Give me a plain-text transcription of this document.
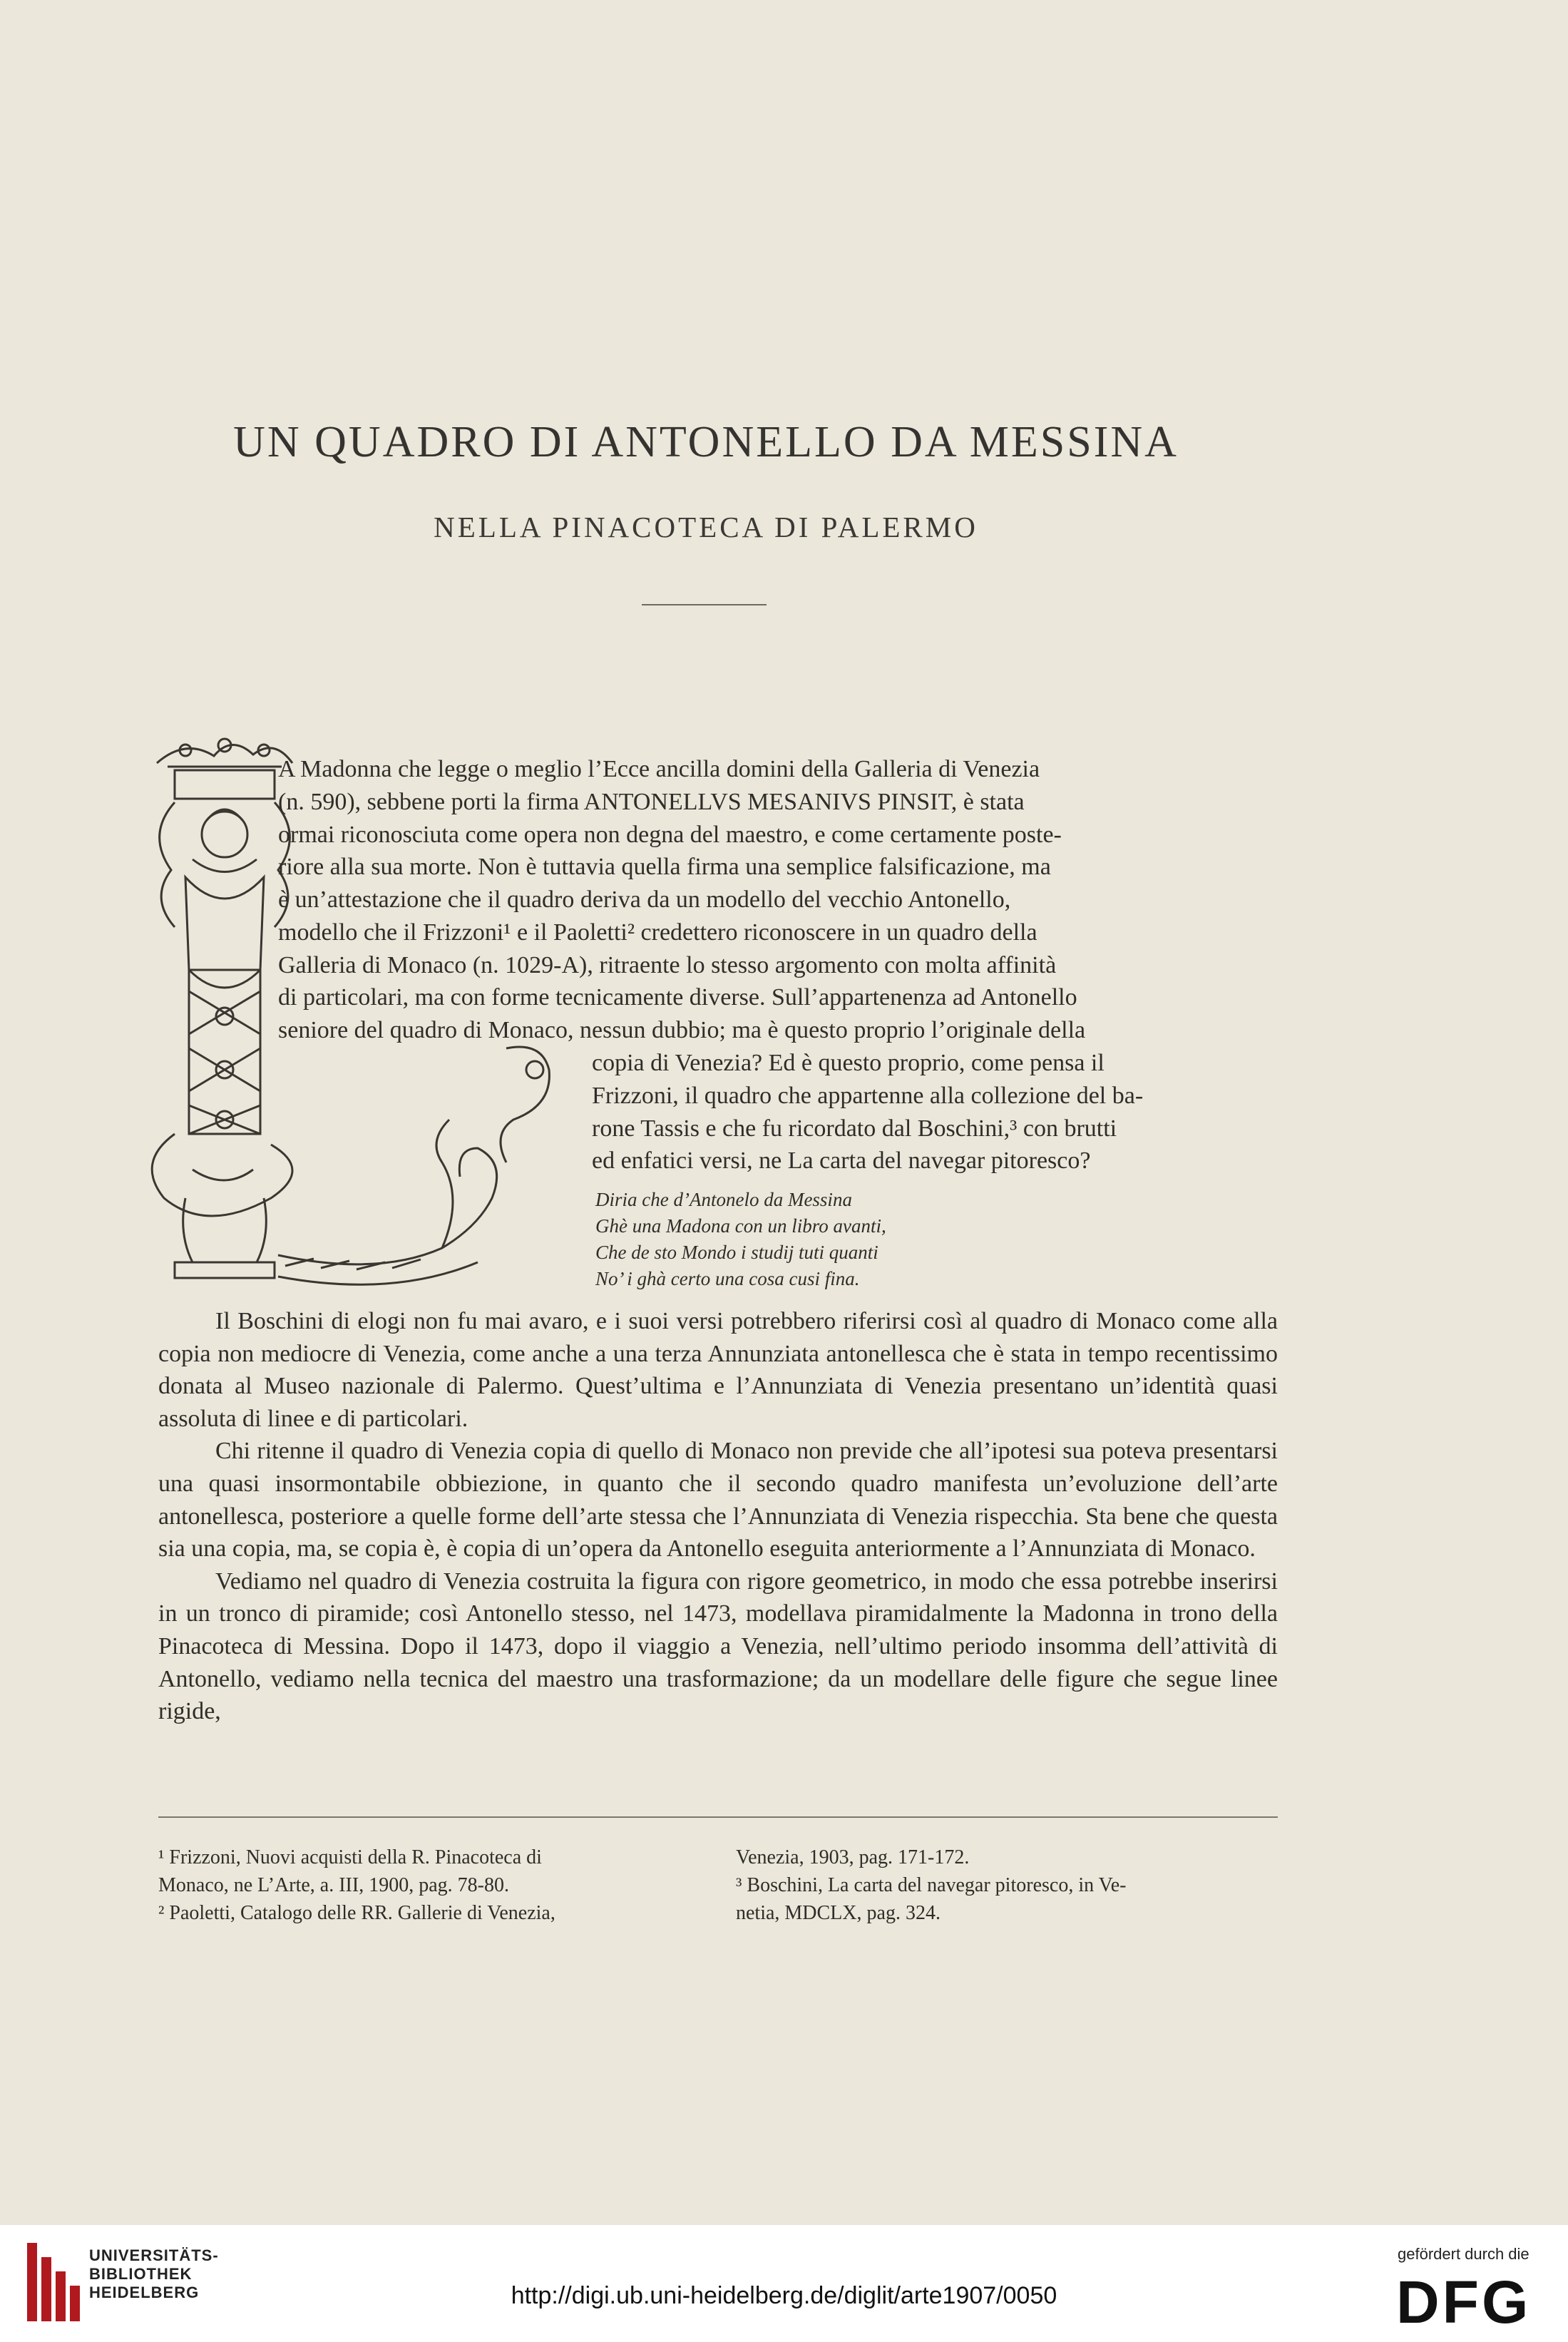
UN QUADRO DI ANTONELLO DA MESSINA
NELLA PINACOTECA DI PALERMO

A Madonna che legge o meglio l’Ecce ancilla domini della Galleria di Venezia

(n. 590), sebbene porti la firma ANTONELLVS MESANIVS PINSIT, è stata

ormai riconosciuta come opera non degna del maestro, e come certamente poste-

riore alla sua morte. Non è tuttavia quella firma una semplice falsificazione, ma

è un’attestazione che il quadro deriva da un modello del vecchio Antonello,

modello che il Frizzoni¹ e il Paoletti² credettero riconoscere in un quadro della

Galleria di Monaco (n. 1029-A), ritraente lo stesso argomento con molta affinità

di particolari, ma con forme tecnicamente diverse. Sull’appartenenza ad Antonello

seniore del quadro di Monaco, nessun dubbio; ma è questo proprio l’originale della

copia di Venezia? Ed è questo proprio, come pensa il

Frizzoni, il quadro che appartenne alla collezione del ba-

rone Tassis e che fu ricordato dal Boschini,³ con brutti

ed enfatici versi, ne La carta del navegar pitoresco?

Diria che d’Antonelo da Messina
Ghè una Madona con un libro avanti,
Che de sto Mondo i studij tuti quanti
No’ i ghà certo una cosa cusi fina.

Il Boschini di elogi non fu mai avaro, e i suoi versi potrebbero riferirsi così al quadro di Monaco come alla copia non mediocre di Venezia, come anche a una terza Annunziata antonellesca che è stata in tempo recentissimo donata al Museo nazionale di Palermo. Quest’ultima e l’Annunziata di Venezia presentano un’identità quasi assoluta di linee e di particolari.

Chi ritenne il quadro di Venezia copia di quello di Monaco non previde che all’ipotesi sua poteva presentarsi una quasi insormontabile obbiezione, in quanto che il secondo quadro manifesta un’evoluzione dell’arte antonellesca, posteriore a quelle forme dell’arte stessa che l’Annunziata di Venezia rispecchia. Sta bene che questa sia una copia, ma, se copia è, è copia di un’opera da Antonello eseguita anteriormente a l’Annunziata di Monaco.

Vediamo nel quadro di Venezia costruita la figura con rigore geometrico, in modo che essa potrebbe inserirsi in un tronco di piramide; così Antonello stesso, nel 1473, modellava piramidalmente la Madonna in trono della Pinacoteca di Messina. Dopo il 1473, dopo il viaggio a Venezia, nell’ultimo periodo insomma dell’attività di Antonello, vediamo nella tecnica del maestro una trasformazione; da un modellare delle figure che segue linee rigide,

¹ Frizzoni, Nuovi acquisti della R. Pinacoteca di
Monaco, ne L’Arte, a. III, 1900, pag. 78-80.
² Paoletti, Catalogo delle RR. Gallerie di Venezia,
Venezia, 1903, pag. 171-172.
³ Boschini, La carta del navegar pitoresco, in Ve-
netia, MDCLX, pag. 324.
UNIVERSITÄTS-
BIBLIOTHEK
HEIDELBERG	http://digi.ub.uni-heidelberg.de/diglit/arte1907/0050
gefördert durch die
DFG
